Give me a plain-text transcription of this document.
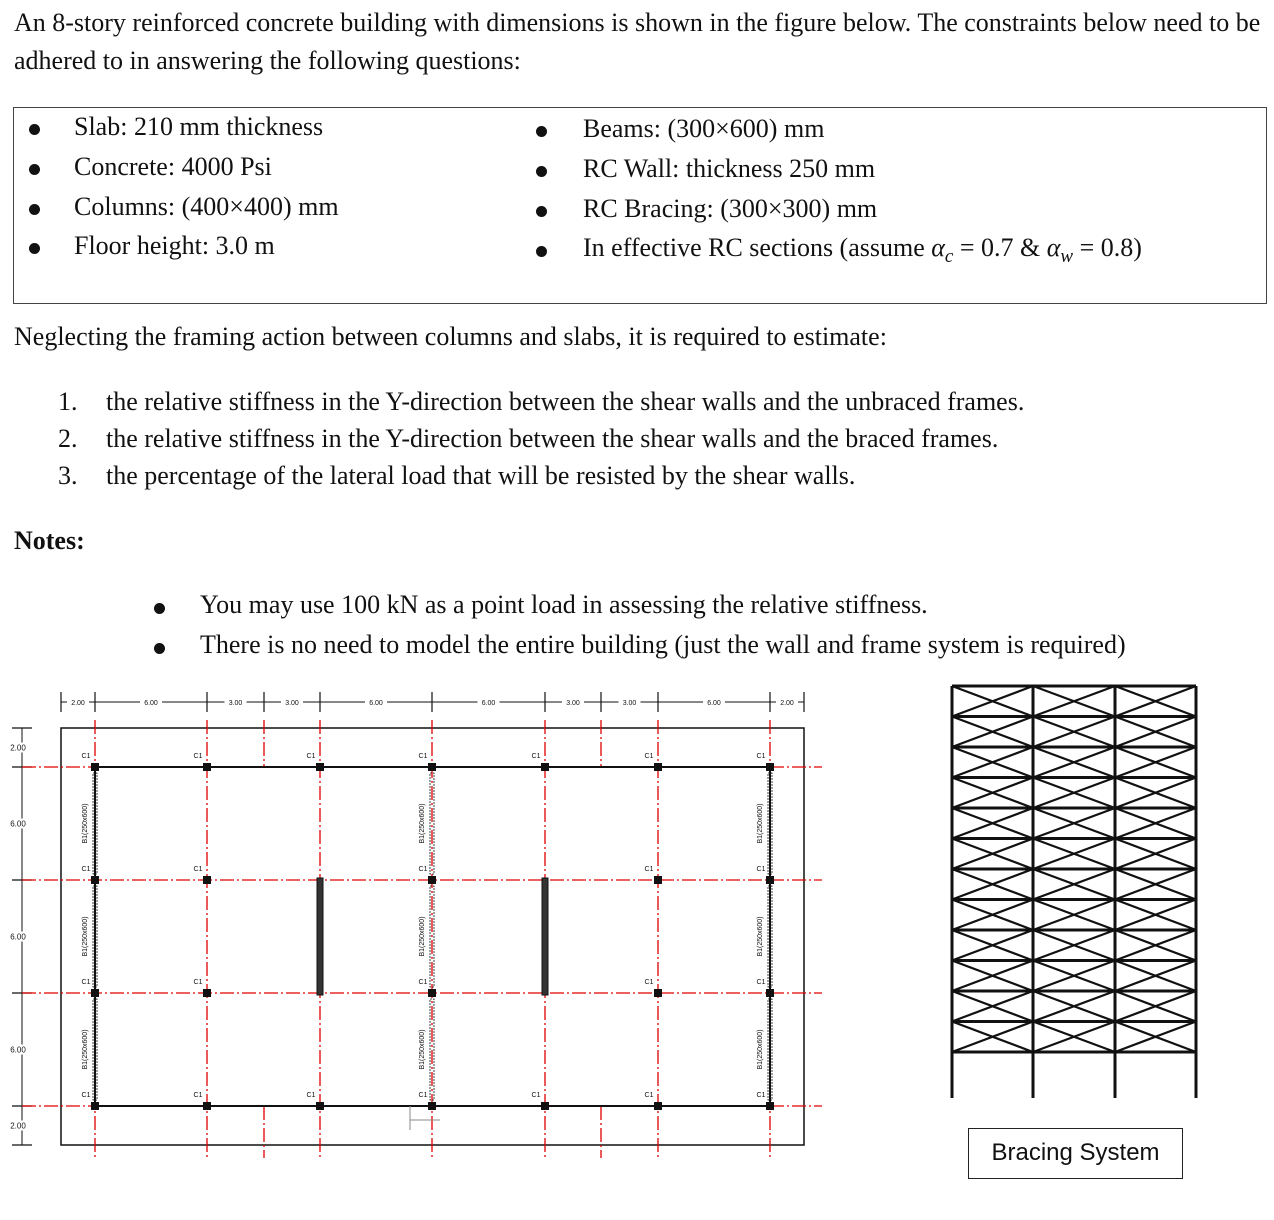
An 8-story reinforced concrete building with dimensions is shown in the figure below. The constraints below need to be adhered to in answering the following questions:
Slab: 210 mm thickness
Concrete: 4000 Psi
Columns: (400×400) mm
Floor height: 3.0 m
Beams: (300×600) mm
RC Wall: thickness 250 mm
RC Bracing: (300×300) mm
In effective RC sections (assume $\alpha_c = 0.7$ & $\alpha_w = 0.8$)
Neglecting the framing action between columns and slabs, it is required to estimate:
1. the relative stiffness in the Y-direction between the shear walls and the unbraced frames.
2. the relative stiffness in the Y-direction between the shear walls and the braced frames.
3. the percentage of the lateral load that will be resisted by the shear walls.
Notes:
You may use 100 kN as a point load in assessing the relative stiffness.
There is no need to model the entire building (just the wall and frame system is required)
2.00	6.00	3.00	3.00	6.00	6.00	3.00	3.00	6.00	2.00
2.00
6.00
6.00
6.00
2.00
B1(250x600)
B1(250x600)
B1(250x600)
B1(250x600)
B1(250x600)
B1(250x600)
B1(250x600)
B1(250x600)
B1(250x600)
C1
C1
C1
C1
C1
C1
C1
C1
C1
C1
C1
C1
C1
C1
C1
C1
C1
C1
C1
C1
C1
C1
C1
C1
Bracing System
